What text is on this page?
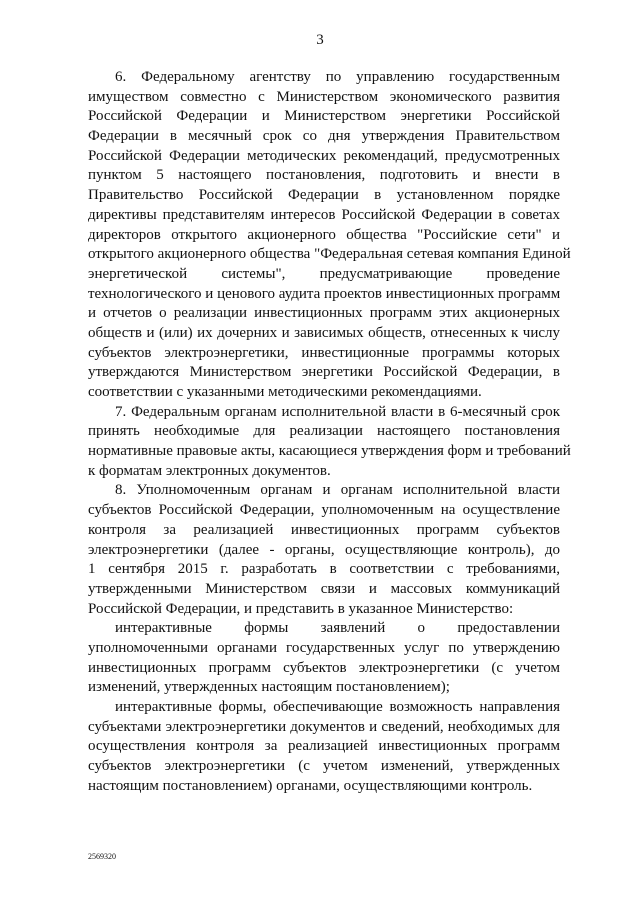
3
6. Федеральному агентству по управлению государственным
имуществом совместно с Министерством экономического развития
Российской Федерации и Министерством энергетики Российской
Федерации в месячный срок со дня утверждения Правительством
Российской Федерации методических рекомендаций, предусмотренных
пунктом 5 настоящего постановления, подготовить и внести в
Правительство Российской Федерации в установленном порядке
директивы представителям интересов Российской Федерации в советах
директоров открытого акционерного общества "Российские сети" и
открытого акционерного общества "Федеральная сетевая компания Единой
энергетической системы", предусматривающие проведение
технологического и ценового аудита проектов инвестиционных программ
и отчетов о реализации инвестиционных программ этих акционерных
обществ и (или) их дочерних и зависимых обществ, отнесенных к числу
субъектов электроэнергетики, инвестиционные программы которых
утверждаются Министерством энергетики Российской Федерации, в
соответствии с указанными методическими рекомендациями.
7. Федеральным органам исполнительной власти в 6-месячный срок
принять необходимые для реализации настоящего постановления
нормативные правовые акты, касающиеся утверждения форм и требований
к форматам электронных документов.
8. Уполномоченным органам и органам исполнительной власти
субъектов Российской Федерации, уполномоченным на осуществление
контроля за реализацией инвестиционных программ субъектов
электроэнергетики (далее - органы, осуществляющие контроль), до
1 сентября 2015 г. разработать в соответствии с требованиями,
утвержденными Министерством связи и массовых коммуникаций
Российской Федерации, и представить в указанное Министерство:
интерактивные формы заявлений о предоставлении
уполномоченными органами государственных услуг по утверждению
инвестиционных программ субъектов электроэнергетики (с учетом
изменений, утвержденных настоящим постановлением);
интерактивные формы, обеспечивающие возможность направления
субъектами электроэнергетики документов и сведений, необходимых для
осуществления контроля за реализацией инвестиционных программ
субъектов электроэнергетики (с учетом изменений, утвержденных
настоящим постановлением) органами, осуществляющими контроль.
2569320
